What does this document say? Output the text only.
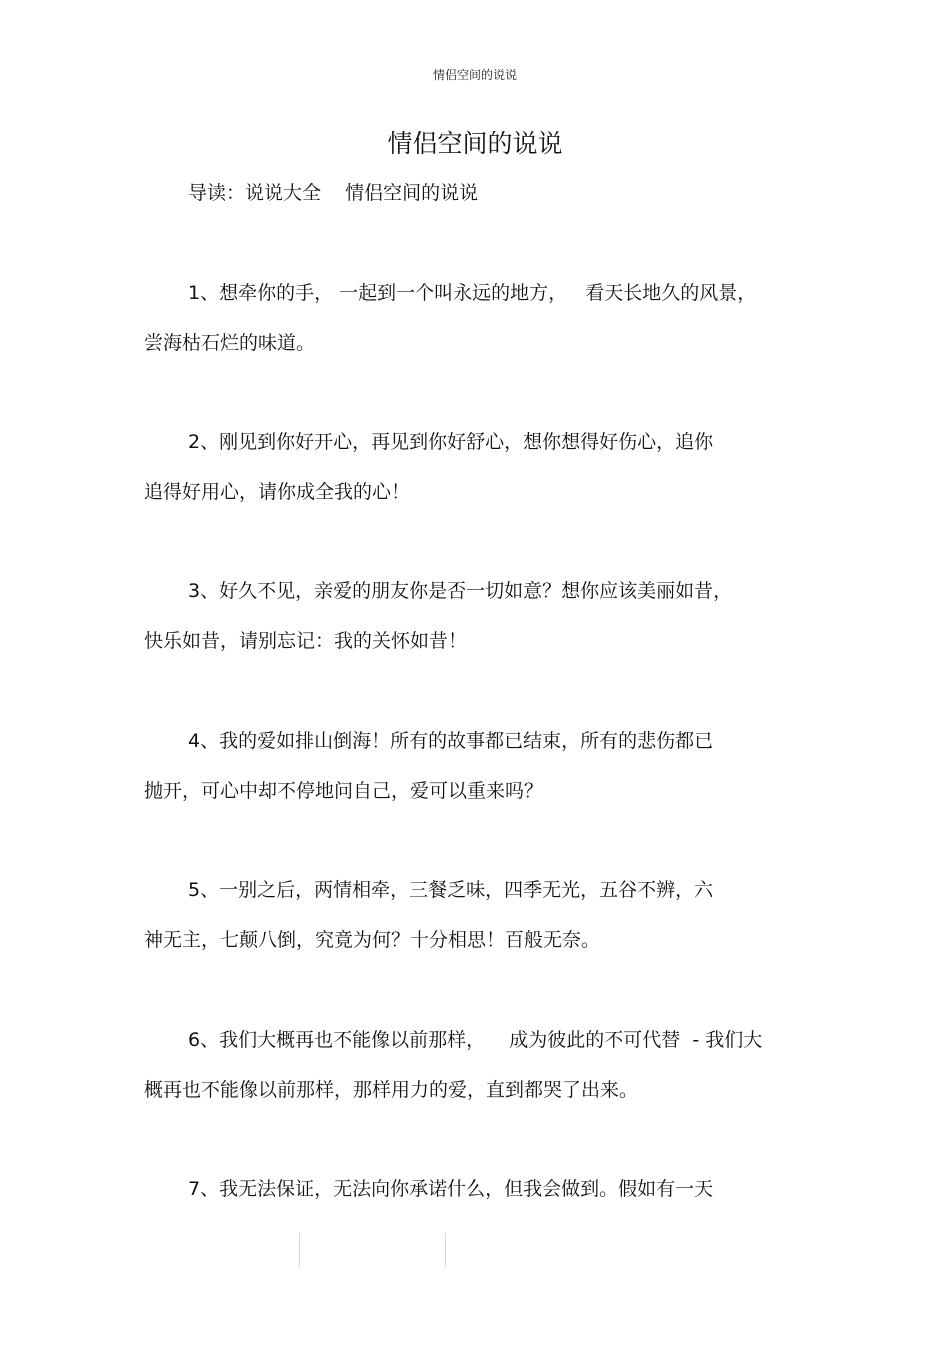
情侣空间的说说
情侣空间的说说
导读：说说大全    情侣空间的说说
1、想牵你的手， 一起到一个叫永远的地方，   看天长地久的风景，
尝海枯石烂的味道。
2、刚见到你好开心，再见到你好舒心，想你想得好伤心，追你
追得好用心，请你成全我的心！
3、好久不见，亲爱的朋友你是否一切如意？想你应该美丽如昔，
快乐如昔，请别忘记：我的关怀如昔！
4、我的爱如排山倒海！所有的故事都已结束，所有的悲伤都已
抛开，可心中却不停地问自己，爱可以重来吗？
5、一别之后，两情相牵，三餐乏味，四季无光，五谷不辨，六
神无主，七颠八倒，究竟为何？十分相思！百般无奈。
6、我们大概再也不能像以前那样，    成为彼此的不可代替  - 我们大
概再也不能像以前那样，那样用力的爱，直到都哭了出来。
7、我无法保证，无法向你承诺什么，但我会做到。假如有一天
